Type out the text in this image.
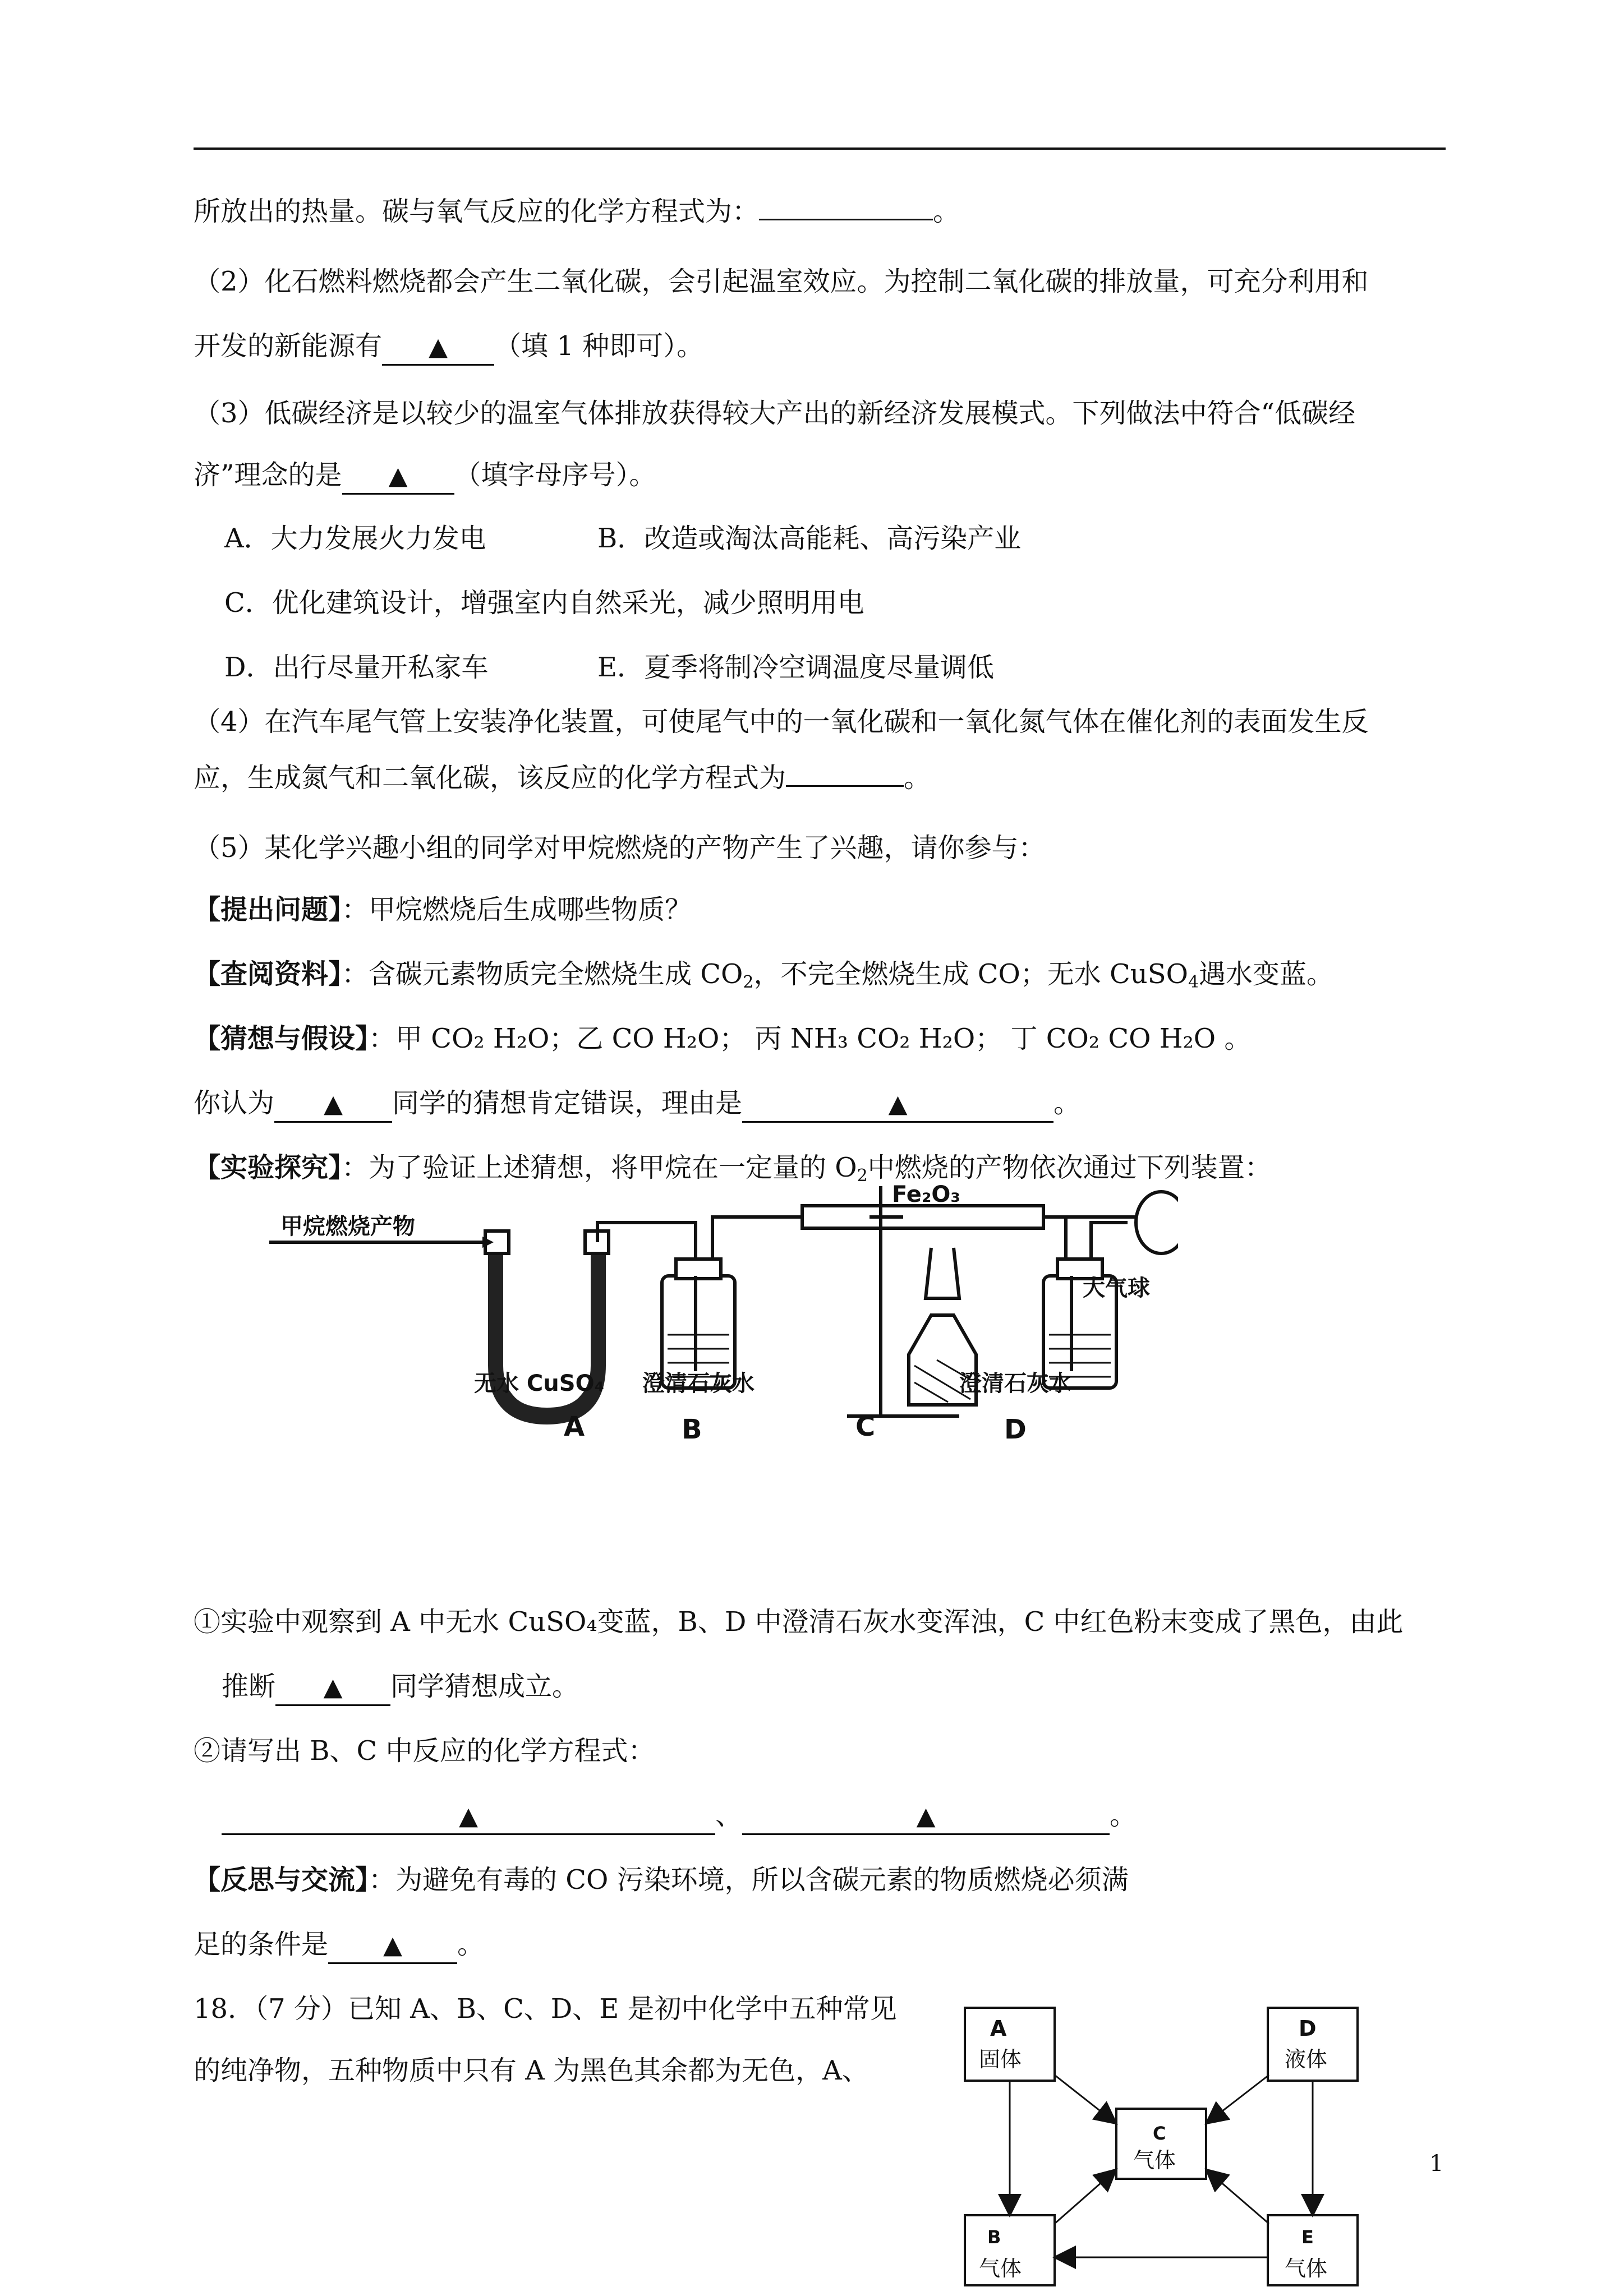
所放出的热量。碳与氧气反应的化学方程式为：	。
（2）化石燃料燃烧都会产生二氧化碳，会引起温室效应。为控制二氧化碳的排放量，可充分利用和
开发的新能源有 ▲ （填 1 种即可）。
（3）低碳经济是以较少的温室气体排放获得较大产出的新经济发展模式。下列做法中符合“低碳经
济”理念的是 ▲ （填字母序号）。
A．大力发展火力发电	B．改造或淘汰高能耗、高污染产业
C．优化建筑设计，增强室内自然采光，减少照明用电
D．出行尽量开私家车	E．夏季将制冷空调温度尽量调低
（4）在汽车尾气管上安装净化装置，可使尾气中的一氧化碳和一氧化氮气体在催化剂的表面发生反
应，生成氮气和二氧化碳，该反应的化学方程式为	。
（5）某化学兴趣小组的同学对甲烷燃烧的产物产生了兴趣，请你参与：
【提出问题】：甲烷燃烧后生成哪些物质？
【查阅资料】：含碳元素物质完全燃烧生成 $CO_2$，不完全燃烧生成 CO；无水 CuSO$_4$遇水变蓝。
【猜想与假设】：甲 CO₂ H₂O；乙 CO H₂O； 丙 NH₃ CO₂ H₂O； 丁 CO₂ CO H₂O 。
你认为 ▲ 同学的猜想肯定错误，理由是	▲	。
【实验探究】：为了验证上述猜想，将甲烷在一定量的 $O_2$中燃烧的产物依次通过下列装置：
甲烷燃烧产物
Fe₂O₃
大气球
无水 CuSO₄ 澄清石灰水	澄清石灰水
A	B	C	D
①实验中观察到 A 中无水 CuSO₄变蓝，B、D 中澄清石灰水变浑浊，C 中红色粉末变成了黑色，由此
推断 ▲ 同学猜想成立。
②请写出 B、C 中反应的化学方程式：
▲	、	▲	。
【反思与交流】：为避免有毒的 CO 污染环境，所以含碳元素的物质燃烧必须满
足的条件是 ▲ 。
18．（7 分）已知 A、B、C、D、E 是初中化学中五种常见
的纯净物，五种物质中只有 A 为黑色其余都为无色，A、
A
固体
D
液体
C
气体
B
气体
E
气体
1
